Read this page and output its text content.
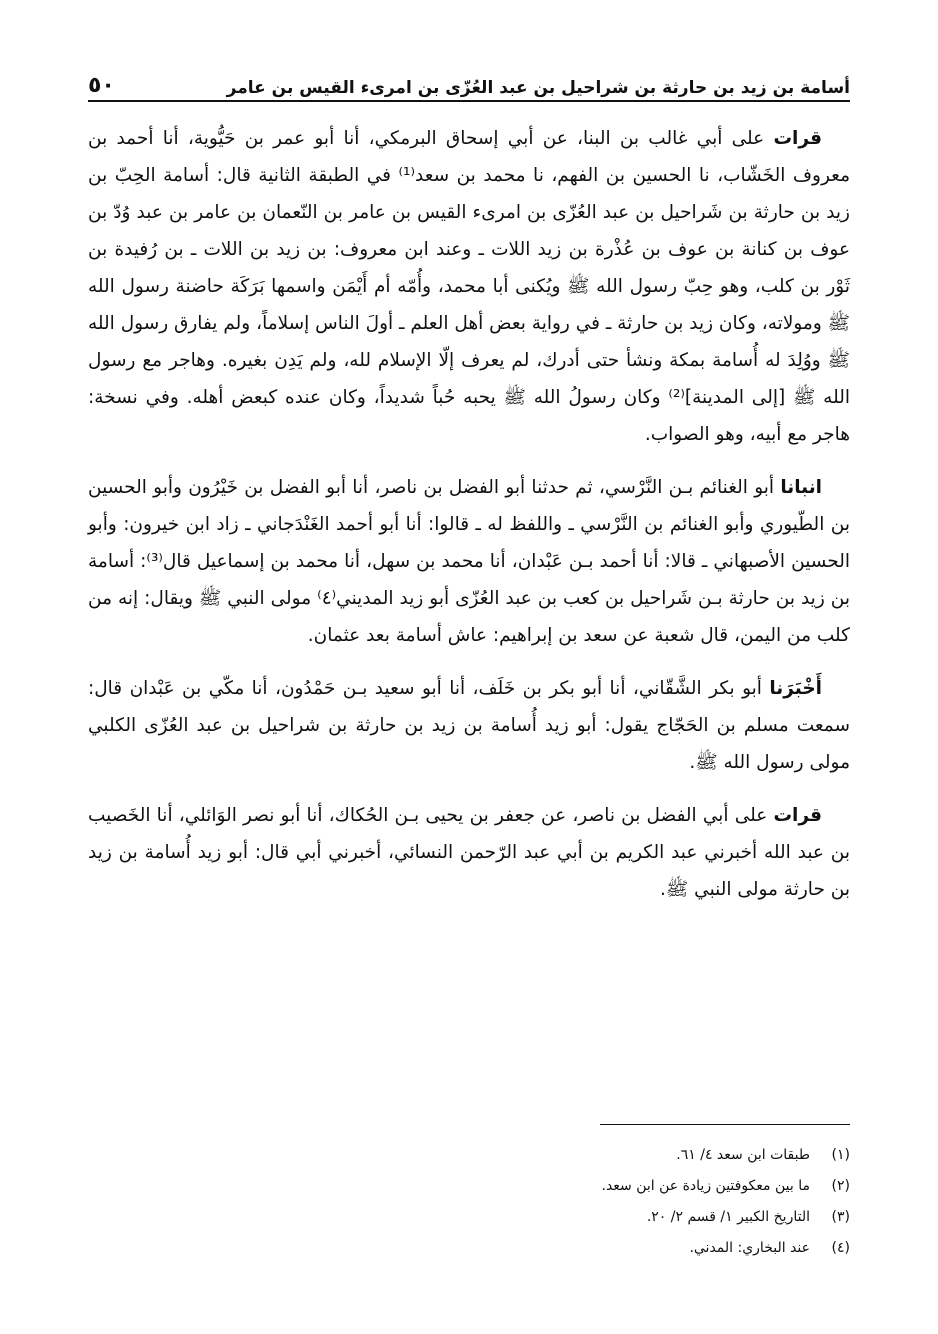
أسامة بن زيد بن حارثة بن شراحيل بن عبد العُزّى بن امرىء القيس بن عامر
٥٠

قرات على أبي غالب بن البنا، عن أبي إسحاق البرمكي، أنا أبو عمر بن حَيُّوية، أنا أحمد بن معروف الخَشّاب، نا الحسين بن الفهم، نا محمد بن سعد⁽¹⁾ في الطبقة الثانية قال: أسامة الحِبّ بن زيد بن حارثة بن شَراحيل بن عبد العُزّى بن امرىء القيس بن عامر بن النّعمان بن عامر بن عبد وُدّ بن عوف بن كنانة بن عوف بن عُذْرة بن زيد اللات ـ وعند ابن معروف: بن زيد بن اللات ـ بن رُفيدة بن ثَوْر بن كلب، وهو حِبّ رسول الله ﷺ ويُكنى أبا محمد، وأُمّه أم أَيْمَن واسمها بَرَكَة حاضنة رسول الله ﷺ ومولاته، وكان زيد بن حارثة ـ في رواية بعض أهل العلم ـ أولَ الناس إسلاماً، ولم يفارق رسول الله ﷺ ووُلِدَ له أُسامة بمكة ونشأ حتى أدرك، لم يعرف إلّا الإسلام لله، ولم يَدِن بغيره. وهاجر مع رسول الله ﷺ [إلى المدينة]⁽²⁾ وكان رسولُ الله ﷺ يحبه حُباً شديداً، وكان عنده كبعض أهله. وفي نسخة: هاجر مع أبيه، وهو الصواب.

انبانا أبو الغنائم بـن النَّرْسي، ثم حدثنا أبو الفضل بن ناصر، أنا أبو الفضل بن خَيْرُون وأبو الحسين بن الطّيوري وأبو الغنائم بن النَّرْسي ـ واللفظ له ـ قالوا: أنا أبو أحمد الغَنْدَجاني ـ زاد ابن خيرون: وأبو الحسين الأصبهاني ـ قالا: أنا أحمد بـن عَبْدان، أنا محمد بن سهل، أنا محمد بن إسماعيل قال⁽³⁾: أسامة بن زيد بن حارثة بـن شَراحيل بن كعب بن عبد العُزّى أبو زيد المديني⁽٤⁾ مولى النبي ﷺ ويقال: إنه من كلب من اليمن، قال شعبة عن سعد بن إبراهيم: عاش أسامة بعد عثمان.

أَخْبَرَنا أبو بكر الشَّقّاني، أنا أبو بكر بن خَلَف، أنا أبو سعيد بـن حَمْدُون، أنا مكّي بن عَبْدان قال: سمعت مسلم بن الحَجّاج يقول: أبو زيد أُسامة بن زيد بن حارثة بن شراحيل بن عبد العُزّى الكلبي مولى رسول الله ﷺ.

قرات على أبي الفضل بن ناصر، عن جعفر بن يحيى بـن الحُكاك، أنا أبو نصر الوَائلي، أنا الخَصيب بن عبد الله أخبرني عبد الكريم بن أبي عبد الرّحمن النسائي، أخبرني أبي قال: أبو زيد أُسامة بن زيد بن حارثة مولى النبي ﷺ.

(١)
طبقات ابن سعد ٤/ ٦١.
(٢)
ما بين معكوفتين زيادة عن ابن سعد.
(٣)
التاريخ الكبير ١/ قسم ٢/ ٢٠.
(٤)
عند البخاري: المدني.
